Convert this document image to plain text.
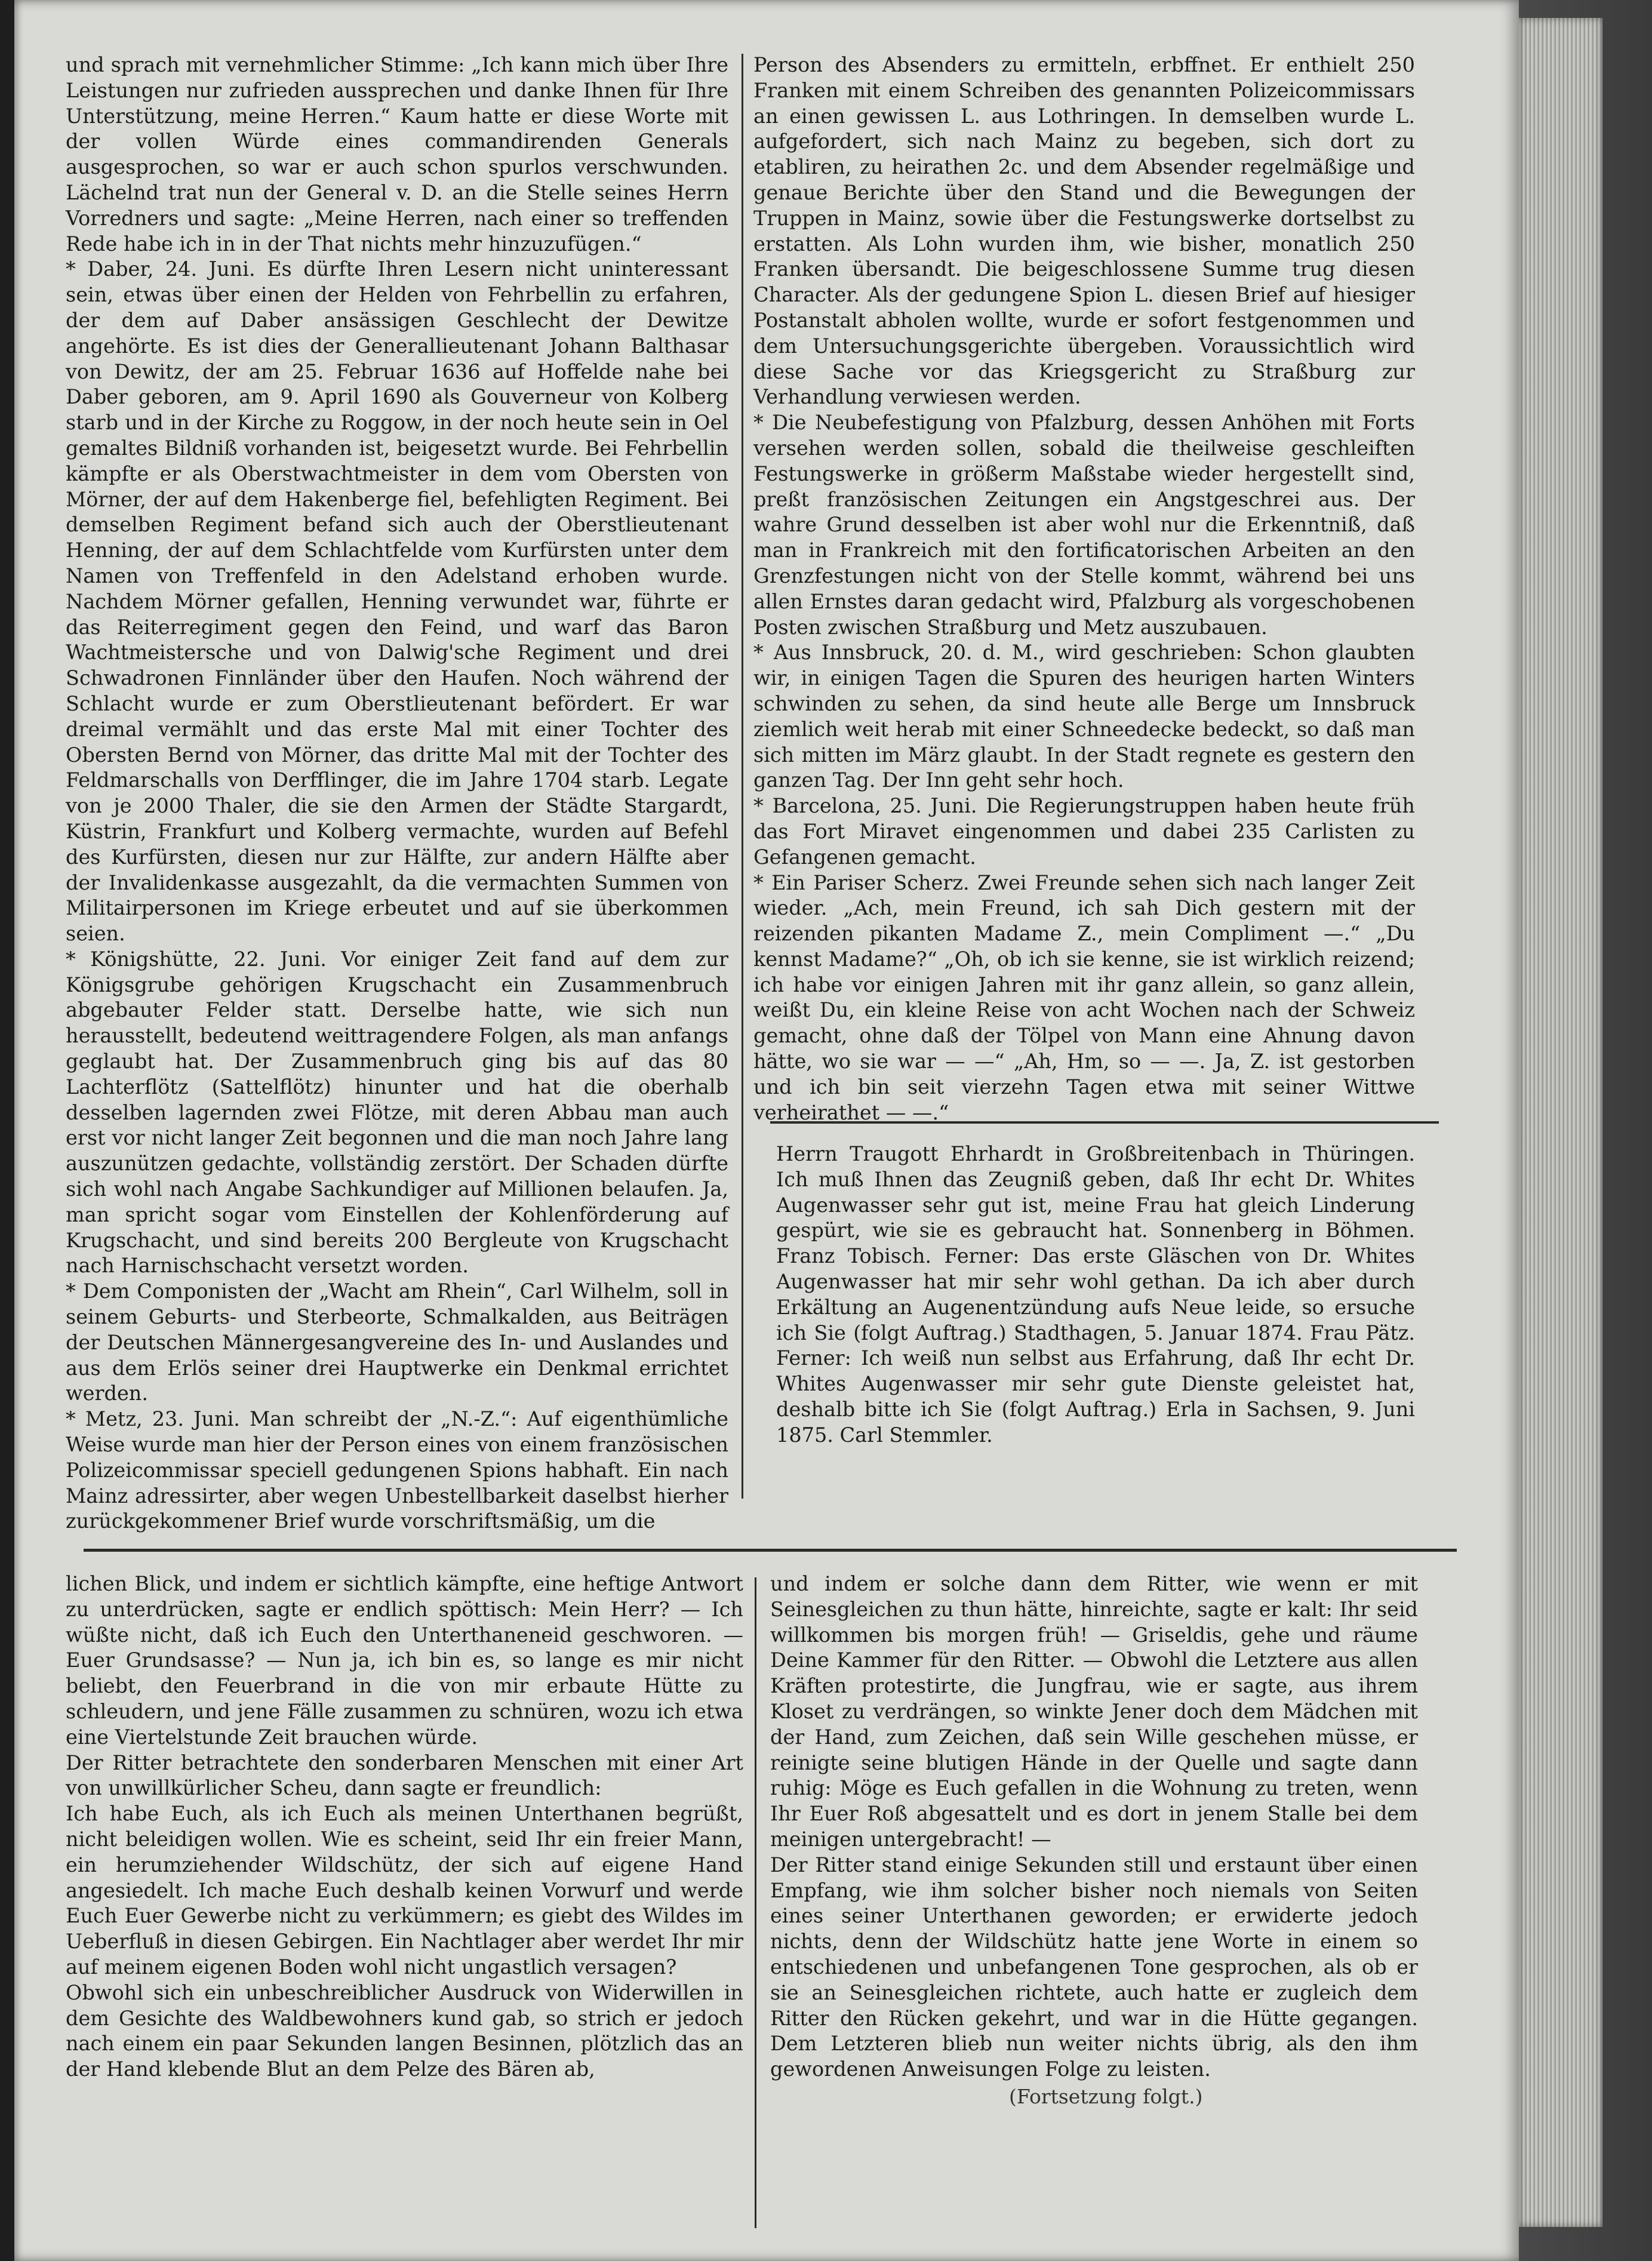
und sprach mit vernehmlicher Stimme: „Ich kann mich über Ihre Leistungen nur zufrieden aussprechen und danke Ihnen für Ihre Unterstützung, meine Herren.“ Kaum hatte er diese Worte mit der vollen Würde eines commandirenden Generals ausgesprochen, so war er auch schon spurlos verschwunden. Lächelnd trat nun der General v. D. an die Stelle seines Herrn Vorredners und sagte: „Meine Herren, nach einer so treffenden Rede habe ich in in der That nichts mehr hinzuzufügen.“

* Daber, 24. Juni. Es dürfte Ihren Lesern nicht uninteressant sein, etwas über einen der Helden von Fehrbellin zu erfahren, der dem auf Daber ansässigen Geschlecht der Dewitze angehörte. Es ist dies der Generallieutenant Johann Balthasar von Dewitz, der am 25. Februar 1636 auf Hoffelde nahe bei Daber geboren, am 9. April 1690 als Gouverneur von Kolberg starb und in der Kirche zu Roggow, in der noch heute sein in Oel gemaltes Bildniß vorhanden ist, beigesetzt wurde. Bei Fehrbellin kämpfte er als Oberstwachtmeister in dem vom Obersten von Mörner, der auf dem Hakenberge fiel, befehligten Regiment. Bei demselben Regiment befand sich auch der Oberstlieutenant Henning, der auf dem Schlachtfelde vom Kurfürsten unter dem Namen von Treffenfeld in den Adelstand erhoben wurde. Nachdem Mörner gefallen, Henning verwundet war, führte er das Reiterregiment gegen den Feind, und warf das Baron Wachtmeistersche und von Dalwig'sche Regiment und drei Schwadronen Finnländer über den Haufen. Noch während der Schlacht wurde er zum Oberstlieutenant befördert. Er war dreimal vermählt und das erste Mal mit einer Tochter des Obersten Bernd von Mörner, das dritte Mal mit der Tochter des Feldmarschalls von Derfflinger, die im Jahre 1704 starb. Legate von je 2000 Thaler, die sie den Armen der Städte Stargardt, Küstrin, Frankfurt und Kolberg vermachte, wurden auf Befehl des Kurfürsten, diesen nur zur Hälfte, zur andern Hälfte aber der Invalidenkasse ausgezahlt, da die vermachten Summen von Militairpersonen im Kriege erbeutet und auf sie überkommen seien.

* Königshütte, 22. Juni. Vor einiger Zeit fand auf dem zur Königsgrube gehörigen Krugschacht ein Zusammenbruch abgebauter Felder statt. Derselbe hatte, wie sich nun herausstellt, bedeutend weittragendere Folgen, als man anfangs geglaubt hat. Der Zusammenbruch ging bis auf das 80 Lachterflötz (Sattelflötz) hinunter und hat die oberhalb desselben lagernden zwei Flötze, mit deren Abbau man auch erst vor nicht langer Zeit begonnen und die man noch Jahre lang auszunützen gedachte, vollständig zerstört. Der Schaden dürfte sich wohl nach Angabe Sachkundiger auf Millionen belaufen. Ja, man spricht sogar vom Einstellen der Kohlenförderung auf Krugschacht, und sind bereits 200 Bergleute von Krugschacht nach Harnischschacht versetzt worden.

* Dem Componisten der „Wacht am Rhein“, Carl Wilhelm, soll in seinem Geburts- und Sterbeorte, Schmalkalden, aus Beiträgen der Deutschen Männergesangvereine des In- und Auslandes und aus dem Erlös seiner drei Hauptwerke ein Denkmal errichtet werden.

* Metz, 23. Juni. Man schreibt der „N.-Z.“: Auf eigenthümliche Weise wurde man hier der Person eines von einem französischen Polizeicommissar speciell gedungenen Spions habhaft. Ein nach Mainz adressirter, aber wegen Unbestellbarkeit daselbst hierher zurückgekommener Brief wurde vorschriftsmäßig, um die

Person des Absenders zu ermitteln, erbffnet. Er enthielt 250 Franken mit einem Schreiben des genannten Polizeicommissars an einen gewissen L. aus Lothringen. In demselben wurde L. aufgefordert, sich nach Mainz zu begeben, sich dort zu etabliren, zu heirathen 2c. und dem Absender regelmäßige und genaue Berichte über den Stand und die Bewegungen der Truppen in Mainz, sowie über die Festungswerke dortselbst zu erstatten. Als Lohn wurden ihm, wie bisher, monatlich 250 Franken übersandt. Die beigeschlossene Summe trug diesen Character. Als der gedungene Spion L. diesen Brief auf hiesiger Postanstalt abholen wollte, wurde er sofort festgenommen und dem Untersuchungsgerichte übergeben. Voraussichtlich wird diese Sache vor das Kriegsgericht zu Straßburg zur Verhandlung verwiesen werden.

* Die Neubefestigung von Pfalzburg, dessen Anhöhen mit Forts versehen werden sollen, sobald die theilweise geschleiften Festungswerke in größerm Maßstabe wieder hergestellt sind, preßt französischen Zeitungen ein Angstgeschrei aus. Der wahre Grund desselben ist aber wohl nur die Erkenntniß, daß man in Frankreich mit den fortificatorischen Arbeiten an den Grenzfestungen nicht von der Stelle kommt, während bei uns allen Ernstes daran gedacht wird, Pfalzburg als vorgeschobenen Posten zwischen Straßburg und Metz auszubauen.

* Aus Innsbruck, 20. d. M., wird geschrieben: Schon glaubten wir, in einigen Tagen die Spuren des heurigen harten Winters schwinden zu sehen, da sind heute alle Berge um Innsbruck ziemlich weit herab mit einer Schneedecke bedeckt, so daß man sich mitten im März glaubt. In der Stadt regnete es gestern den ganzen Tag. Der Inn geht sehr hoch.

* Barcelona, 25. Juni. Die Regierungstruppen haben heute früh das Fort Miravet eingenommen und dabei 235 Carlisten zu Gefangenen gemacht.

* Ein Pariser Scherz. Zwei Freunde sehen sich nach langer Zeit wieder. „Ach, mein Freund, ich sah Dich gestern mit der reizenden pikanten Madame Z., mein Compliment —.“ „Du kennst Madame?“ „Oh, ob ich sie kenne, sie ist wirklich reizend; ich habe vor einigen Jahren mit ihr ganz allein, so ganz allein, weißt Du, ein kleine Reise von acht Wochen nach der Schweiz gemacht, ohne daß der Tölpel von Mann eine Ahnung davon hätte, wo sie war — —“ „Ah, Hm, so — —. Ja, Z. ist gestorben und ich bin seit vierzehn Tagen etwa mit seiner Wittwe verheirathet — —.“

Herrn Traugott Ehrhardt in Großbreitenbach in Thüringen. Ich muß Ihnen das Zeugniß geben, daß Ihr echt Dr. Whites Augenwasser sehr gut ist, meine Frau hat gleich Linderung gespürt, wie sie es gebraucht hat. Sonnenberg in Böhmen. Franz Tobisch. Ferner: Das erste Gläschen von Dr. Whites Augenwasser hat mir sehr wohl gethan. Da ich aber durch Erkältung an Augenentzündung aufs Neue leide, so ersuche ich Sie (folgt Auftrag.) Stadthagen, 5. Januar 1874. Frau Pätz. Ferner: Ich weiß nun selbst aus Erfahrung, daß Ihr echt Dr. Whites Augenwasser mir sehr gute Dienste geleistet hat, deshalb bitte ich Sie (folgt Auftrag.) Erla in Sachsen, 9. Juni 1875. Carl Stemmler.

lichen Blick, und indem er sichtlich kämpfte, eine heftige Antwort zu unterdrücken, sagte er endlich spöttisch: Mein Herr? — Ich wüßte nicht, daß ich Euch den Unterthaneneid geschworen. — Euer Grundsasse? — Nun ja, ich bin es, so lange es mir nicht beliebt, den Feuerbrand in die von mir erbaute Hütte zu schleudern, und jene Fälle zusammen zu schnüren, wozu ich etwa eine Viertelstunde Zeit brauchen würde.

Der Ritter betrachtete den sonderbaren Menschen mit einer Art von unwillkürlicher Scheu, dann sagte er freundlich:

Ich habe Euch, als ich Euch als meinen Unterthanen begrüßt, nicht beleidigen wollen. Wie es scheint, seid Ihr ein freier Mann, ein herumziehender Wildschütz, der sich auf eigene Hand angesiedelt. Ich mache Euch deshalb keinen Vorwurf und werde Euch Euer Gewerbe nicht zu verkümmern; es giebt des Wildes im Ueberfluß in diesen Gebirgen. Ein Nachtlager aber werdet Ihr mir auf meinem eigenen Boden wohl nicht ungastlich versagen?

Obwohl sich ein unbeschreiblicher Ausdruck von Widerwillen in dem Gesichte des Waldbewohners kund gab, so strich er jedoch nach einem ein paar Sekunden langen Besinnen, plötzlich das an der Hand klebende Blut an dem Pelze des Bären ab,

und indem er solche dann dem Ritter, wie wenn er mit Seinesgleichen zu thun hätte, hinreichte, sagte er kalt: Ihr seid willkommen bis morgen früh! — Griseldis, gehe und räume Deine Kammer für den Ritter. — Obwohl die Letztere aus allen Kräften protestirte, die Jungfrau, wie er sagte, aus ihrem Kloset zu verdrängen, so winkte Jener doch dem Mädchen mit der Hand, zum Zeichen, daß sein Wille geschehen müsse, er reinigte seine blutigen Hände in der Quelle und sagte dann ruhig: Möge es Euch gefallen in die Wohnung zu treten, wenn Ihr Euer Roß abgesattelt und es dort in jenem Stalle bei dem meinigen untergebracht! —

Der Ritter stand einige Sekunden still und erstaunt über einen Empfang, wie ihm solcher bisher noch niemals von Seiten eines seiner Unterthanen geworden; er erwiderte jedoch nichts, denn der Wildschütz hatte jene Worte in einem so entschiedenen und unbefangenen Tone gesprochen, als ob er sie an Seinesgleichen richtete, auch hatte er zugleich dem Ritter den Rücken gekehrt, und war in die Hütte gegangen. Dem Letzteren blieb nun weiter nichts übrig, als den ihm gewordenen Anweisungen Folge zu leisten.

(Fortsetzung folgt.)
